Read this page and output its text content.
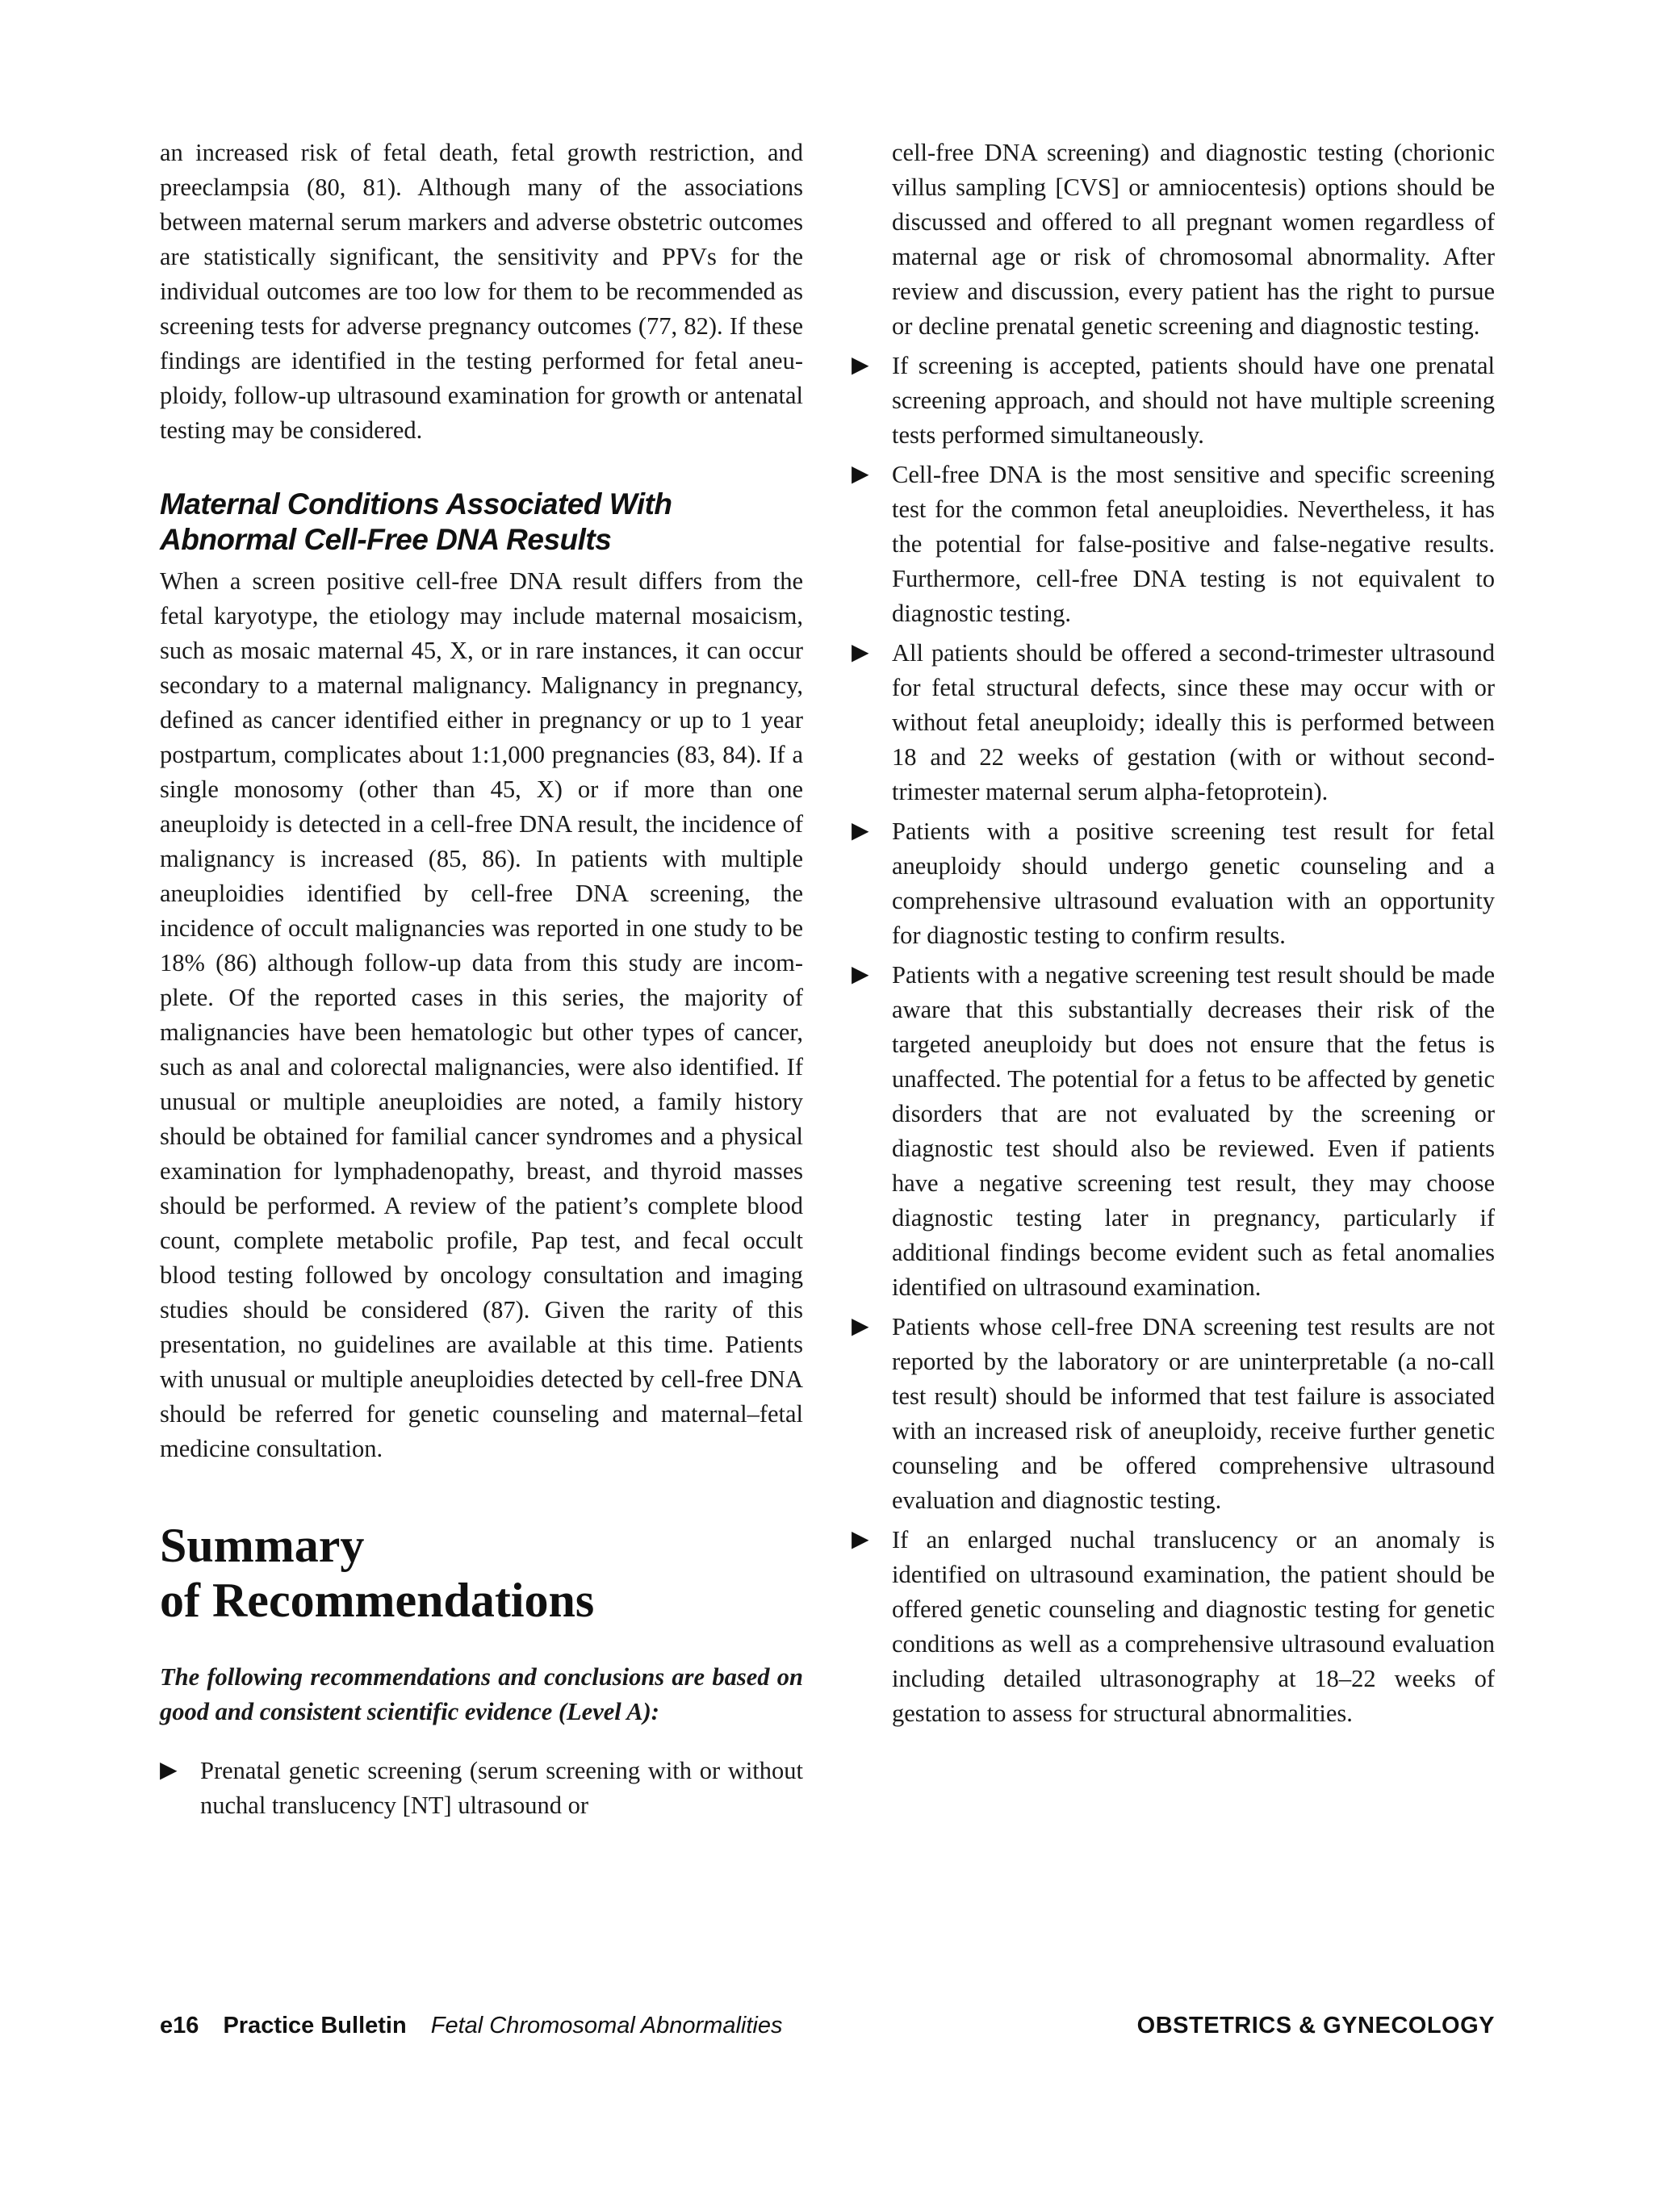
an increased risk of fetal death, fetal growth restriction, and preeclampsia (80, 81). Although many of the associations between maternal serum markers and adverse obstetric outcomes are statistically significant, the sensitivity and PPVs for the individual outcomes are too low for them to be recommended as screening tests for adverse pregnancy outcomes (77, 82). If these findings are identified in the testing performed for fetal aneuploidy, follow-up ultrasound examination for growth or antenatal testing may be considered.

Maternal Conditions Associated With Abnormal Cell-Free DNA Results

When a screen positive cell-free DNA result differs from the fetal karyotype, the etiology may include maternal mosaicism, such as mosaic maternal 45, X, or in rare instances, it can occur secondary to a maternal malignancy. Malignancy in pregnancy, defined as cancer identified either in pregnancy or up to 1 year postpartum, complicates about 1:1,000 pregnancies (83, 84). If a single monosomy (other than 45, X) or if more than one aneuploidy is detected in a cell-free DNA result, the incidence of malignancy is increased (85, 86). In patients with multiple aneuploidies identified by cell-free DNA screening, the incidence of occult malignancies was reported in one study to be 18% (86) although follow-up data from this study are incomplete. Of the reported cases in this series, the majority of malignancies have been hematologic but other types of cancer, such as anal and colorectal malignancies, were also identified. If unusual or multiple aneuploidies are noted, a family history should be obtained for familial cancer syndromes and a physical examination for lymphadenopathy, breast, and thyroid masses should be performed. A review of the patient’s complete blood count, complete metabolic profile, Pap test, and fecal occult blood testing followed by oncology consultation and imaging studies should be considered (87). Given the rarity of this presentation, no guidelines are available at this time. Patients with unusual or multiple aneuploidies detected by cell-free DNA should be referred for genetic counseling and maternal–fetal medicine consultation.

Summary
of Recommendations

The following recommendations and conclusions are based on good and consistent scientific evidence (Level A):

▶ Prenatal genetic screening (serum screening with or without nuchal translucency [NT] ultrasound or
cell-free DNA screening) and diagnostic testing (chorionic villus sampling [CVS] or amniocentesis) options should be discussed and offered to all pregnant women regardless of maternal age or risk of chromosomal abnormality. After review and discussion, every patient has the right to pursue or decline prenatal genetic screening and diagnostic testing.
▶ If screening is accepted, patients should have one prenatal screening approach, and should not have multiple screening tests performed simultaneously.
▶ Cell-free DNA is the most sensitive and specific screening test for the common fetal aneuploidies. Nevertheless, it has the potential for false-positive and false-negative results. Furthermore, cell-free DNA testing is not equivalent to diagnostic testing.
▶ All patients should be offered a second-trimester ultrasound for fetal structural defects, since these may occur with or without fetal aneuploidy; ideally this is performed between 18 and 22 weeks of gestation (with or without second-trimester maternal serum alpha-fetoprotein).
▶ Patients with a positive screening test result for fetal aneuploidy should undergo genetic counseling and a comprehensive ultrasound evaluation with an opportunity for diagnostic testing to confirm results.
▶ Patients with a negative screening test result should be made aware that this substantially decreases their risk of the targeted aneuploidy but does not ensure that the fetus is unaffected. The potential for a fetus to be affected by genetic disorders that are not evaluated by the screening or diagnostic test should also be reviewed. Even if patients have a negative screening test result, they may choose diagnostic testing later in pregnancy, particularly if additional findings become evident such as fetal anomalies identified on ultrasound examination.
▶ Patients whose cell-free DNA screening test results are not reported by the laboratory or are uninterpretable (a no-call test result) should be informed that test failure is associated with an increased risk of aneuploidy, receive further genetic counseling and be offered comprehensive ultrasound evaluation and diagnostic testing.
▶ If an enlarged nuchal translucency or an anomaly is identified on ultrasound examination, the patient should be offered genetic counseling and diagnostic testing for genetic conditions as well as a comprehensive ultrasound evaluation including detailed ultrasonography at 18–22 weeks of gestation to assess for structural abnormalities.
e16 Practice Bulletin Fetal Chromosomal Abnormalities	OBSTETRICS & GYNECOLOGY
